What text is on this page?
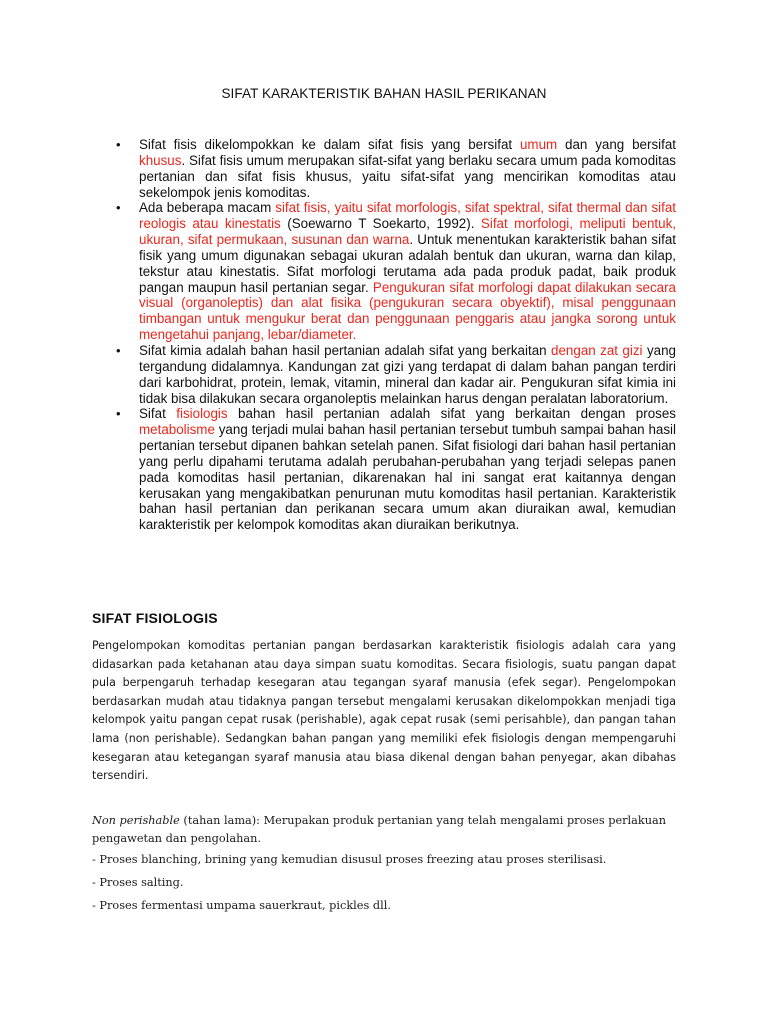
SIFAT KARAKTERISTIK BAHAN HASIL PERIKANAN
• Sifat fisis dikelompokkan ke dalam sifat fisis yang bersifat umum dan yang bersifat khusus. Sifat fisis umum merupakan sifat-sifat yang berlaku secara umum pada komoditas pertanian dan sifat fisis khusus, yaitu sifat-sifat yang mencirikan komoditas atau sekelompok jenis komoditas.
• Ada beberapa macam sifat fisis, yaitu sifat morfologis, sifat spektral, sifat thermal dan sifat reologis atau kinestatis (Soewarno T Soekarto, 1992). Sifat morfologi, meliputi bentuk, ukuran, sifat permukaan, susunan dan warna. Untuk menentukan karakteristik bahan sifat fisik yang umum digunakan sebagai ukuran adalah bentuk dan ukuran, warna dan kilap, tekstur atau kinestatis. Sifat morfologi terutama ada pada produk padat, baik produk pangan maupun hasil pertanian segar. Pengukuran sifat morfologi dapat dilakukan secara visual (organoleptis) dan alat fisika (pengukuran secara obyektif), misal penggunaan timbangan untuk mengukur berat dan penggunaan penggaris atau jangka sorong untuk mengetahui panjang, lebar/diameter.
• Sifat kimia adalah bahan hasil pertanian adalah sifat yang berkaitan dengan zat gizi yang tergandung didalamnya. Kandungan zat gizi yang terdapat di dalam bahan pangan terdiri dari karbohidrat, protein, lemak, vitamin, mineral dan kadar air. Pengukuran sifat kimia ini tidak bisa dilakukan secara organoleptis melainkan harus dengan peralatan laboratorium.
• Sifat fisiologis bahan hasil pertanian adalah sifat yang berkaitan dengan proses metabolisme yang terjadi mulai bahan hasil pertanian tersebut tumbuh sampai bahan hasil pertanian tersebut dipanen bahkan setelah panen. Sifat fisiologi dari bahan hasil pertanian yang perlu dipahami terutama adalah perubahan-perubahan yang terjadi selepas panen pada komoditas hasil pertanian, dikarenakan hal ini sangat erat kaitannya dengan kerusakan yang mengakibatkan penurunan mutu komoditas hasil pertanian. Karakteristik bahan hasil pertanian dan perikanan secara umum akan diuraikan awal, kemudian karakteristik per kelompok komoditas akan diuraikan berikutnya.
SIFAT FISIOLOGIS

Pengelompokan komoditas pertanian pangan berdasarkan karakteristik fisiologis adalah cara yang didasarkan pada ketahanan atau daya simpan suatu komoditas. Secara fisiologis, suatu pangan dapat pula berpengaruh terhadap kesegaran atau tegangan syaraf manusia (efek segar). Pengelompokan berdasarkan mudah atau tidaknya pangan tersebut mengalami kerusakan dikelompokkan menjadi tiga kelompok yaitu pangan cepat rusak (perishable), agak cepat rusak (semi perisahble), dan pangan tahan lama (non perishable). Sedangkan bahan pangan yang memiliki efek fisiologis dengan mempengaruhi kesegaran atau ketegangan syaraf manusia atau biasa dikenal dengan bahan penyegar, akan dibahas tersendiri.

Non perishable (tahan lama): Merupakan produk pertanian yang telah mengalami proses perlakuan pengawetan dan pengolahan.

- Proses blanching, brining yang kemudian disusul proses freezing atau proses sterilisasi.

- Proses salting.

- Proses fermentasi umpama sauerkraut, pickles dll.
